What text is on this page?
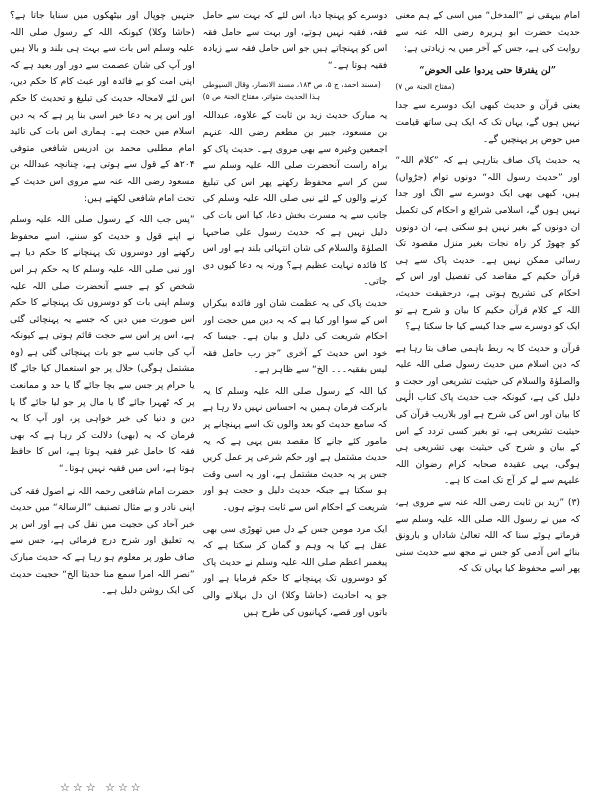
امام بیہقی نے ”المدخل“ میں اسی کے ہم معنی حدیث حضرت ابو ہریرہ رضی اللہ عنہ سے روایت کی ہے، جس کے آخر میں یہ زیادتی ہے:

”لن یفترقا حتی یردوا علی الحوض“

(مفتاح الجنۃ ص ۷)

یعنی قرآن و حدیث کبھی ایک دوسرے سے جدا نہیں ہوں گے، یہاں تک کہ ایک ہی ساتھ قیامت میں حوض پر پہنچیں گے۔

یہ حدیث پاک صاف بتارہی ہے کہ ”کلام اللہ“ اور ”حدیث رسول اللہ“ دونوں توام (جڑواں) ہیں، کبھی بھی ایک دوسرے سے الگ اور جدا نہیں ہوں گے، اسلامی شرائع و احکام کی تکمیل ان دونوں کے بغیر نہیں ہو سکتی ہے، ان دونوں کو چھوڑ کر راہ نجات بغیر منزل مقصود تک رسائی ممکن نہیں ہے۔ حدیث پاک سے ہی قرآن حکیم کے مقاصد کی تفصیل اور اس کے احکام کی تشریح ہوتی ہے، درحقیقت حدیث، اللہ کے کلام قرآن حکیم کا بیان و شرح ہے تو ایک کو دوسرے سے جدا کیسے کیا جا سکتا ہے؟

قرآن و حدیث کا یہ ربط باہمی صاف بتا رہا ہے کہ دین اسلام میں حدیث رسول صلی اللہ علیہ والصلوٰۃ والسلام کی حیثیت تشریعی اور حجت و دلیل کی ہے، کیونکہ جب حدیث پاک کتاب الٰہی کا بیان اور اس کی شرح ہے اور بلاریب قرآن کی حیثیت تشریعی ہے، تو بغیر کسی تردد کے اس کے بیان و شرح کی حیثیت بھی تشریعی ہی ہوگی، یہی عقیدہ صحابہ کرام رضوان اللہ علیہم سے لے کر آج تک امت کا ہے۔

(۳) ”زید بن ثابت رضی اللہ عنہ سے مروی ہے، کہ میں نے رسول اللہ صلی اللہ علیہ وسلم سے فرماتے ہوئے سنا کہ اللہ تعالیٰ شاداں و بارونق بنائے اس آدمی کو جس نے مجھ سے حدیث سنی پھر اسے محفوظ کیا یہاں تک کہ

دوسرے کو پہنچا دیا، اس لئے کہ بہت سے حامل فقہ، فقیہ نہیں ہوتے، اور بہت سے حامل فقہ اس کو پہنچاتے ہیں جو اس حامل فقہ سے زیادہ فقیہ ہوتا ہے۔“

(مسند احمد، ج ۵، ص ۱۸۳، مسند الانصار، وقال السیوطی ہذا الحدیث متواتر، مفتاح الجنۃ ص ۵)

یہ مبارک حدیث زید بن ثابت کے علاوہ، عبداللہ بن مسعود، جبیر بن مطعم رضی اللہ عنہم اجمعین وغیرہ سے بھی مروی ہے۔ حدیث پاک کو براہ راست آنحضرت صلی اللہ علیہ وسلم سے سن کر اسے محفوظ رکھنے پھر اس کی تبلیغ کرنے والوں کے لئے نبی صلی اللہ علیہ وسلم کی جانب سے یہ مسرت بخش دعا، کیا اس بات کی دلیل نہیں ہے کہ حدیث رسول علی صاحبہا الصلوٰۃ والسلام کی شان انتہائی بلند ہے اور اس کا فائدہ نہایت عظیم ہے؟ ورنہ یہ دعا کیوں دی جاتی۔

حدیث پاک کی یہ عظمت شان اور فائدہ بیکراں اس کے سوا اور کیا ہے کہ یہ دین میں حجت اور احکام شریعت کی دلیل و بیان ہے۔ جیسا کہ خود اس حدیث کے آخری ”جز رب حامل فقہ لیس بفقیہ۔۔۔ الخ“ سے ظاہر ہے۔

کیا اللہ کے رسول صلی اللہ علیہ وسلم کا یہ بابرکت فرمان ہمیں یہ احساس نہیں دلا رہا ہے کہ سامع حدیث کو بعد والوں تک اسے پہنچانے پر مامور کئے جانے کا مقصد بس یہی ہے کہ یہ حدیث مشتمل ہے اور حکم شرعی پر عمل کریں جس پر یہ حدیث مشتمل ہے، اور یہ اسی وقت ہو سکتا ہے جبکہ حدیث دلیل و حجت ہو اور شریعت کے احکام اس سے ثابت ہوتے ہوں۔

ایک مرد مومن جس کے دل میں تھوڑی سی بھی عقل ہے کیا یہ وہم و گمان کر سکتا ہے کہ پیغمبر اعظم صلی اللہ علیہ وسلم نے حدیث پاک کو دوسروں تک پہنچانے کا حکم فرمایا ہے اور جو یہ احادیث (حاشا وکلا) ان دل بہلانے والی باتوں اور قصے، کہانیوں کی طرح ہیں

جنہیں چوپال اور بیٹھکوں میں سنایا جاتا ہے؟ (حاشا وکلا) کیونکہ اللہ کے رسول صلی اللہ علیہ وسلم اس بات سے بہت ہی بلند و بالا ہیں اور آپ کی شان عصمت سے دور اور بعید ہے کہ اپنی امت کو بے فائدہ اور عبث کام کا حکم دیں، اس لئے لامحالہ حدیث کی تبلیغ و تحدیث کا حکم اور اس پر یہ دعا خیر اسی بنا پر ہے کہ یہ دین اسلام میں حجت ہے۔ ہماری اس بات کی تائید امام مطلبی محمد بن ادریس شافعی متوفی ۲۰۴ھ کے قول سے ہوتی ہے، چنانچہ عبداللہ بن مسعود رضی اللہ عنہ سے مروی اس حدیث کے تحت امام شافعی لکھتے ہیں:

”پس جب اللہ کے رسول صلی اللہ علیہ وسلم نے اپنے قول و حدیث کو سننے، اسے محفوظ رکھنے اور دوسروں تک پہنچانے کا حکم دیا ہے اور نبی صلی اللہ علیہ وسلم کا یہ حکم ہر اس شخص کو ہے جسے آنحضرت صلی اللہ علیہ وسلم اپنی بات کو دوسروں تک پہنچانے کا حکم اس صورت میں دیں کہ جسے یہ پہنچائی گئی ہے، اس پر اس سے حجت قائم ہوتی ہے کیونکہ آپ کی جانب سے جو بات پہنچائی گئی ہے (وہ مشتمل ہوگی) حلال پر جو استعمال کیا جائے گا یا حرام پر جس سے بچا جائے گا یا حد و ممانعت پر کہ ٹھہرا جائے گا یا مال پر جو لیا جائے گا یا دین و دنیا کی خیر خواہی پر، اور آپ کا یہ فرمان کہ یہ (بھی) دلالت کر رہا ہے کہ بھی فقہ کا حامل غیر فقیہ ہوتا ہے، اس کا حافظ ہوتا ہے، اس میں فقیہ نہیں ہوتا۔“

حضرت امام شافعی رحمہ اللہ نے اصول فقہ کی اپنی نادر و بے مثال تصنیف ”الرسالۃ“ میں حدیث خبر آحاد کی حجیت میں نقل کی ہے اور اس پر یہ تعلیق اور شرح درج فرمائی ہے، جس سے صاف طور پر معلوم ہو رہا ہے کہ حدیث مبارک ”نصر اللہ امرا سمع منا حدیثا الخ“ حجیت حدیث کی ایک روشن دلیل ہے۔

☆☆☆ ☆☆☆
